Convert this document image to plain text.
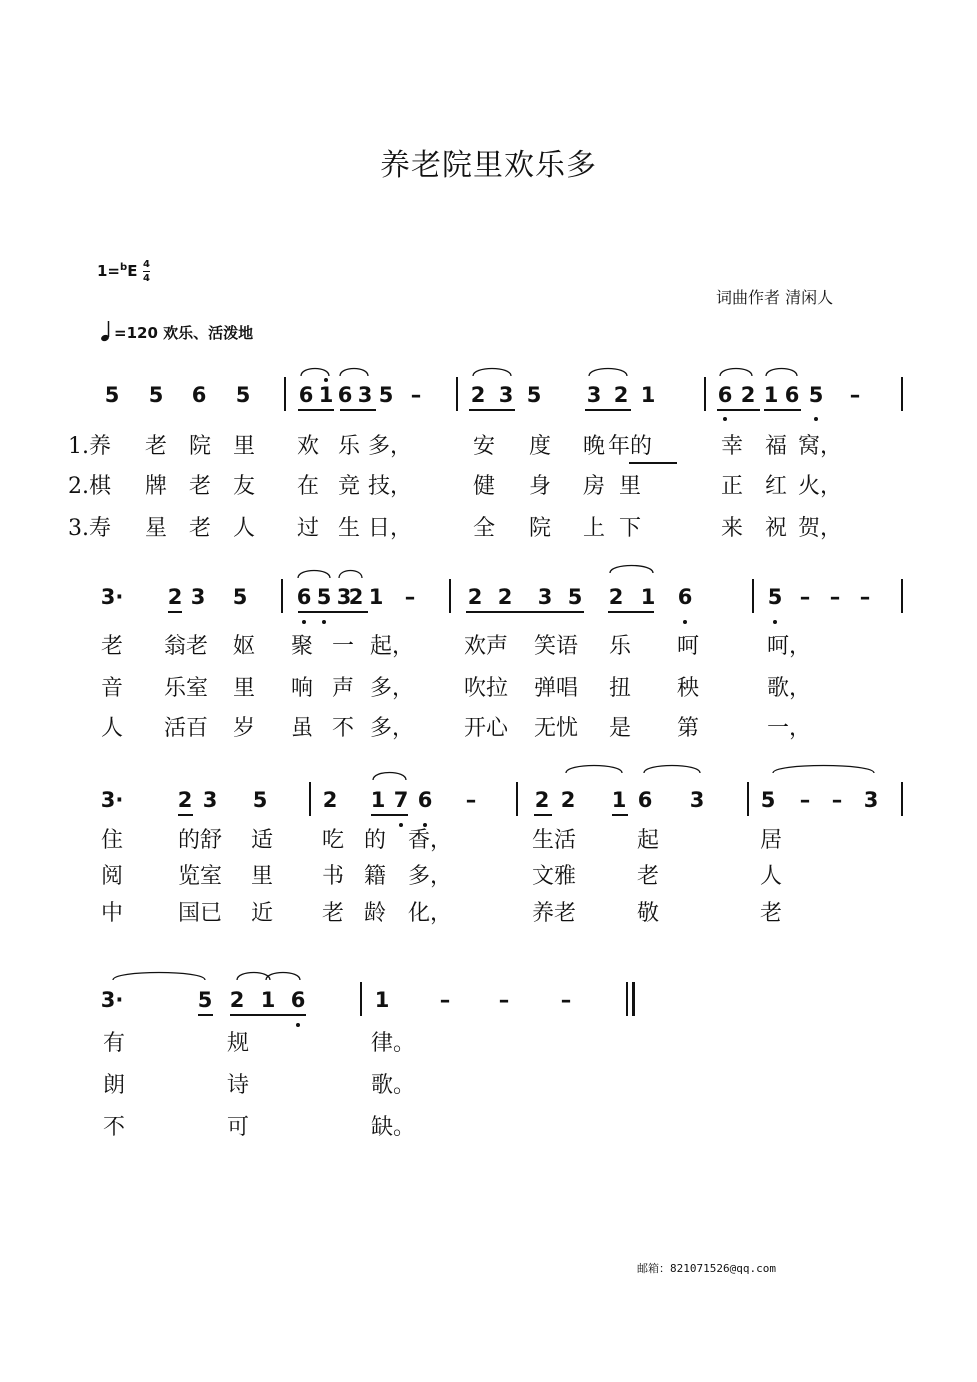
养老院里欢乐多
1=$^b$E 4
4
词曲作者 清闲人
=120 欢乐、活泼地
5 5 6 5 6 1 6 3 5 – 2 3 5 3 2 1	6 2 1 6 5 –
3· 2 3 5 6 5 3
2 1 – 2 2 3 5 2 1 6	5 – – –
3·	2 3 5	2 1 7 6 –	2 2 1 6 3	5 – – 3
3·	5 2 1 6	1 – – –
1.养 老 院 里 欢 乐 多，	安 度 晚 年的	幸 福 窝，
2.棋 牌 老 友 在 竞 技，	健 身 房 里	正 红 火，
3.寿 星 老 人 过 生 日，	全 院 上 下	来 祝 贺，
老 翁老 妪 聚 一 起， 欢声 笑语 乐 呵	呵，
音 乐室 里 响 声 多， 吹拉 弹唱 扭 秧	歌，
人 活百 岁 虽 不 多， 开心 无忧 是 第	一，
住 的舒 适 吃 的 香，	生活	起	居
阅 览室 里 书 籍 多，	文雅	老	人
中 国已 近 老 龄 化，	养老	敬	老
有	规	律。
朗	诗	歌。
不	可	缺。
邮箱：821071526@qq.com
